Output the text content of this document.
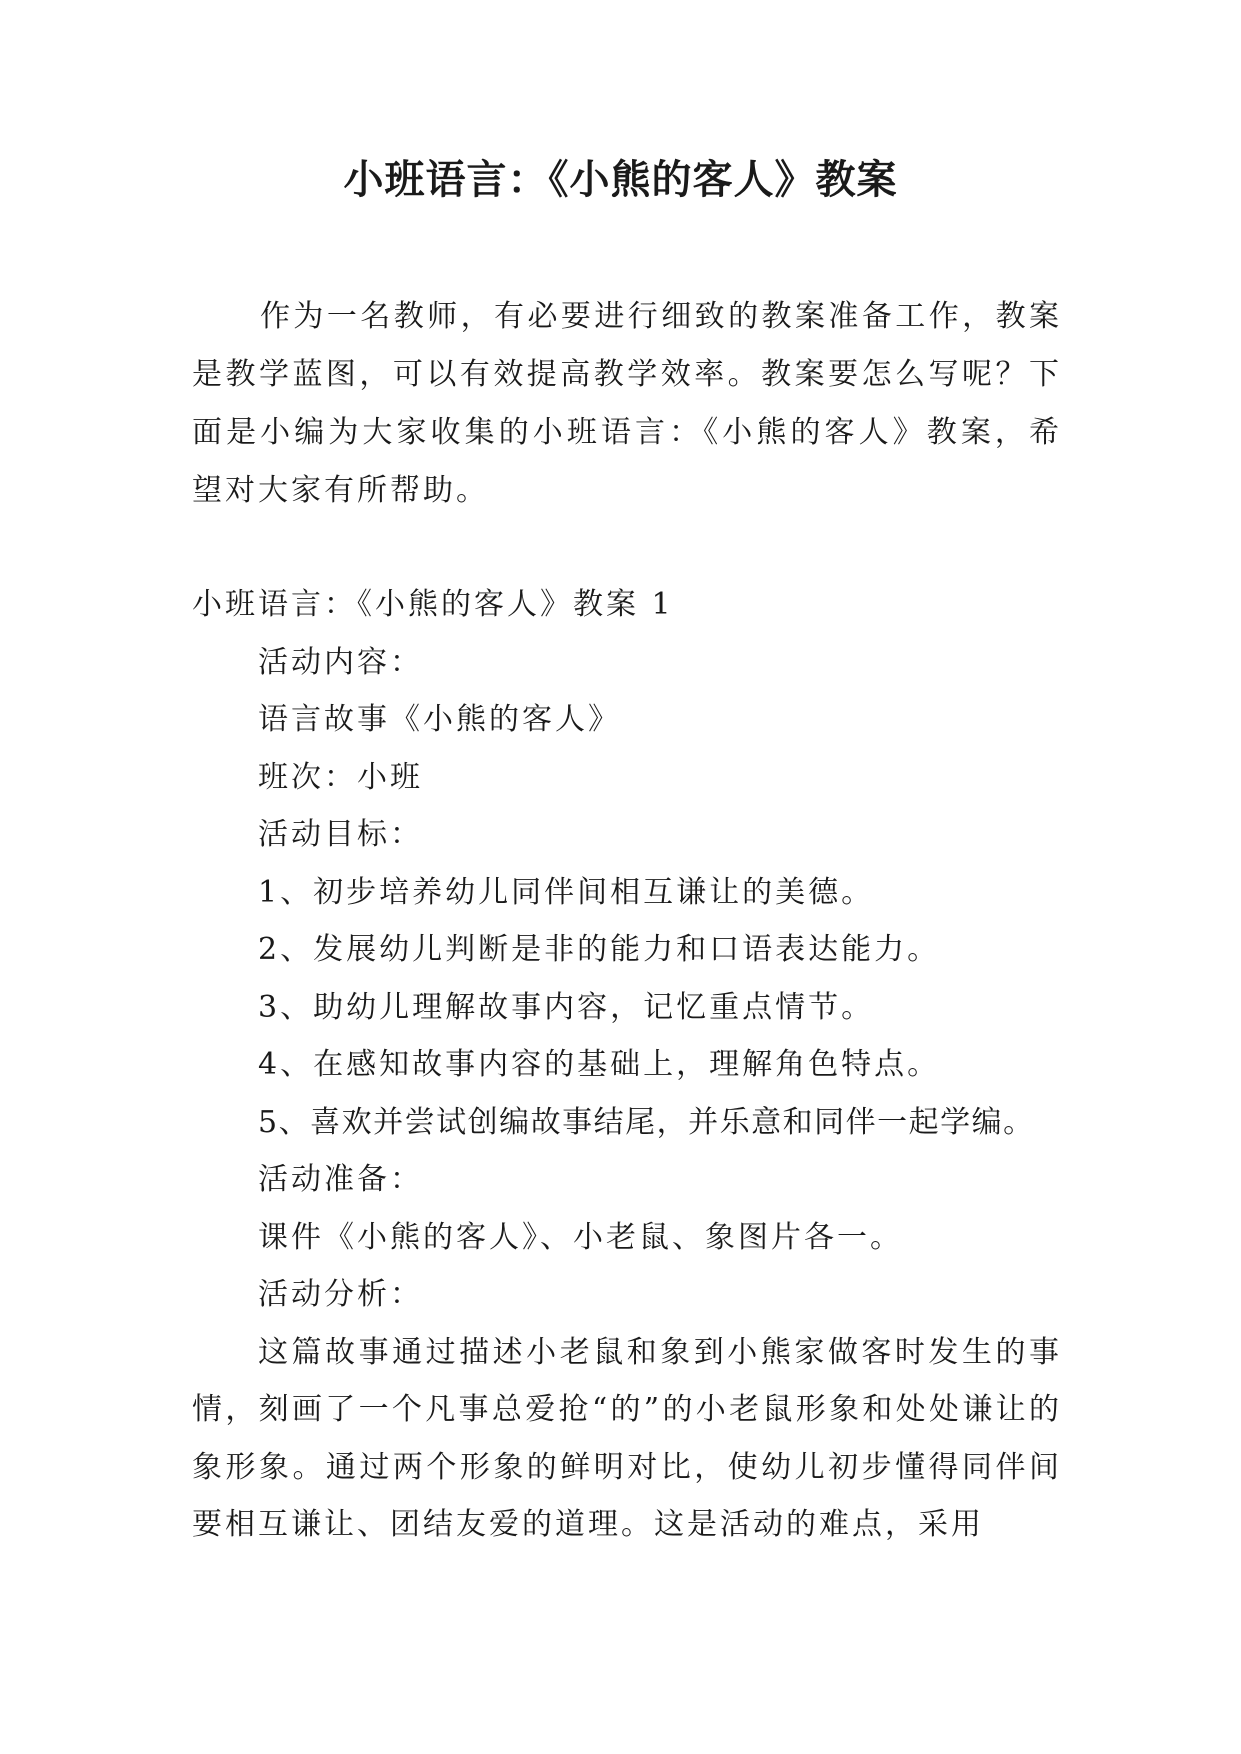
小班语言：《小熊的客人》教案
作为一名教师，有必要进行细致的教案准备工作，教案是教学蓝图，可以有效提高教学效率。教案要怎么写呢？下面是小编为大家收集的小班语言：《小熊的客人》教案，希望对大家有所帮助。
小班语言：《小熊的客人》教案 1
活动内容：
语言故事《小熊的客人》
班次：小班
活动目标：
1、初步培养幼儿同伴间相互谦让的美德。
2、发展幼儿判断是非的能力和口语表达能力。
3、助幼儿理解故事内容，记忆重点情节。
4、在感知故事内容的基础上，理解角色特点。
5、喜欢并尝试创编故事结尾，并乐意和同伴一起学编。
活动准备：
课件《小熊的客人》、小老鼠、象图片各一。
活动分析：
这篇故事通过描述小老鼠和象到小熊家做客时发生的事情，刻画了一个凡事总爱抢“的”的小老鼠形象和处处谦让的象形象。通过两个形象的鲜明对比，使幼儿初步懂得同伴间要相互谦让、团结友爱的道理。这是活动的难点，采用
